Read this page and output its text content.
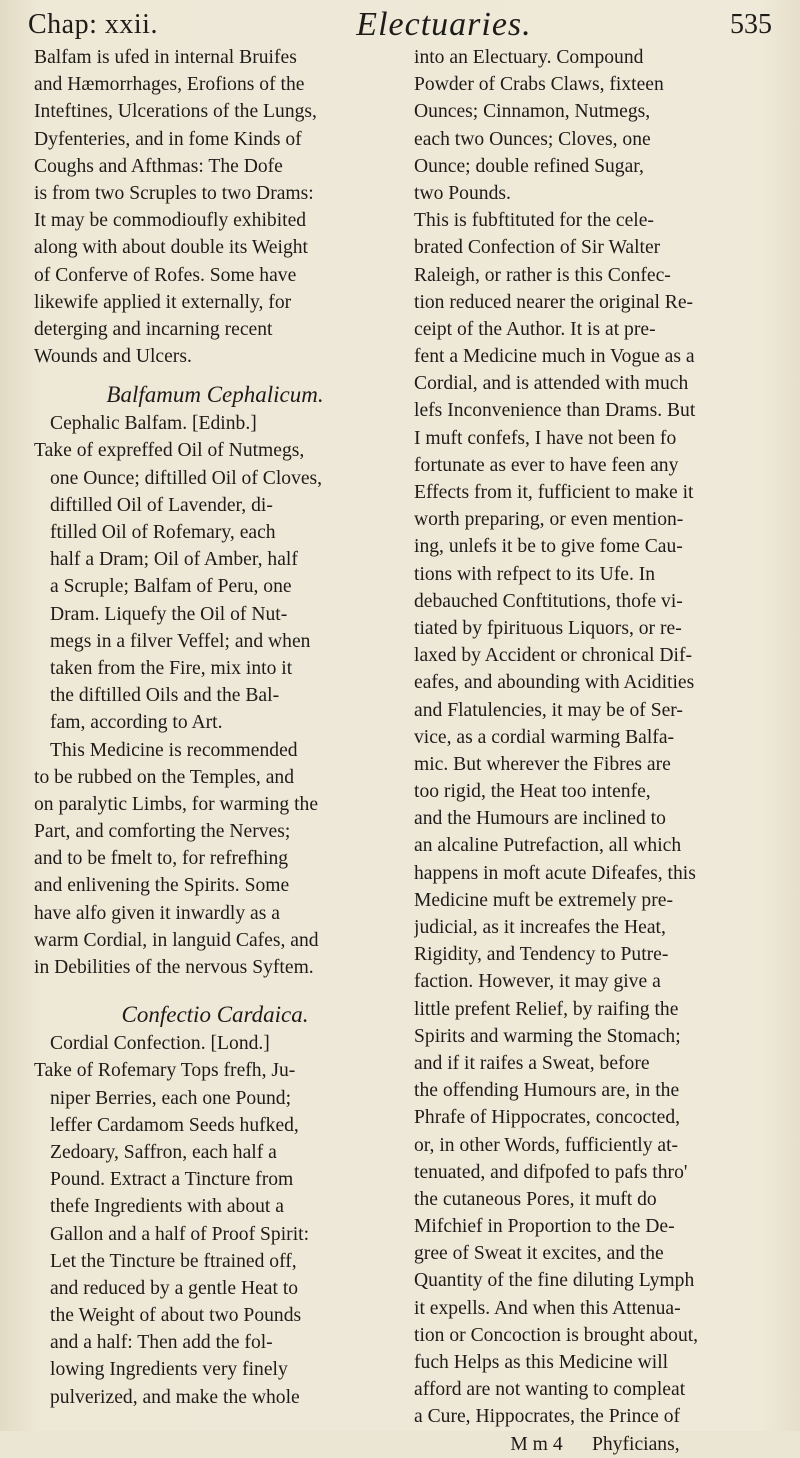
Chap: xxii.	Electuaries.	535
Balfam is ufed in internal Bruifes
and Hæmorrhages, Erofions of the
Inteftines, Ulcerations of the Lungs,
Dyfenteries, and in fome Kinds of
Coughs and Afthmas: The Dofe
is from two Scruples to two Drams:
It may be commodioufly exhibited
along with about double its Weight
of Conferve of Rofes. Some have
likewife applied it externally, for
deterging and incarning recent
Wounds and Ulcers.
Balfamum Cephalicum.
Cephalic Balfam. [Edinb.]
Take of expreffed Oil of Nutmegs,
one Ounce; diftilled Oil of Cloves,
diftilled Oil of Lavender, di-
ftilled Oil of Rofemary, each
half a Dram; Oil of Amber, half
a Scruple; Balfam of Peru, one
Dram. Liquefy the Oil of Nut-
megs in a filver Veffel; and when
taken from the Fire, mix into it
the diftilled Oils and the Bal-
fam, according to Art.
This Medicine is recommended
to be rubbed on the Temples, and
on paralytic Limbs, for warming the
Part, and comforting the Nerves;
and to be fmelt to, for refrefhing
and enlivening the Spirits. Some
have alfo given it inwardly as a
warm Cordial, in languid Cafes, and
in Debilities of the nervous Syftem.
Confectio Cardaica.
Cordial Confection. [Lond.]
Take of Rofemary Tops frefh, Ju-
niper Berries, each one Pound;
leffer Cardamom Seeds hufked,
Zedoary, Saffron, each half a
Pound. Extract a Tincture from
thefe Ingredients with about a
Gallon and a half of Proof Spirit:
Let the Tincture be ftrained off,
and reduced by a gentle Heat to
the Weight of about two Pounds
and a half: Then add the fol-
lowing Ingredients very finely
pulverized, and make the whole
into an Electuary. Compound
Powder of Crabs Claws, fixteen
Ounces; Cinnamon, Nutmegs,
each two Ounces; Cloves, one
Ounce; double refined Sugar,
two Pounds.
This is fubftituted for the cele-
brated Confection of Sir Walter
Raleigh, or rather is this Confec-
tion reduced nearer the original Re-
ceipt of the Author. It is at pre-
fent a Medicine much in Vogue as a
Cordial, and is attended with much
lefs Inconvenience than Drams. But
I muft confefs, I have not been fo
fortunate as ever to have feen any
Effects from it, fufficient to make it
worth preparing, or even mention-
ing, unlefs it be to give fome Cau-
tions with refpect to its Ufe. In
debauched Conftitutions, thofe vi-
tiated by fpirituous Liquors, or re-
laxed by Accident or chronical Dif-
eafes, and abounding with Acidities
and Flatulencies, it may be of Ser-
vice, as a cordial warming Balfa-
mic. But wherever the Fibres are
too rigid, the Heat too intenfe,
and the Humours are inclined to
an alcaline Putrefaction, all which
happens in moft acute Difeafes, this
Medicine muft be extremely pre-
judicial, as it increafes the Heat,
Rigidity, and Tendency to Putre-
faction. However, it may give a
little prefent Relief, by raifing the
Spirits and warming the Stomach;
and if it raifes a Sweat, before
the offending Humours are, in the
Phrafe of Hippocrates, concocted,
or, in other Words, fufficiently at-
tenuated, and difpofed to pafs thro'
the cutaneous Pores, it muft do
Mifchief in Proportion to the De-
gree of Sweat it excites, and the
Quantity of the fine diluting Lymph
it expells. And when this Attenua-
tion or Concoction is brought about,
fuch Helps as this Medicine will
afford are not wanting to compleat
a Cure, Hippocrates, the Prince of
M m 4      Phyficians,
